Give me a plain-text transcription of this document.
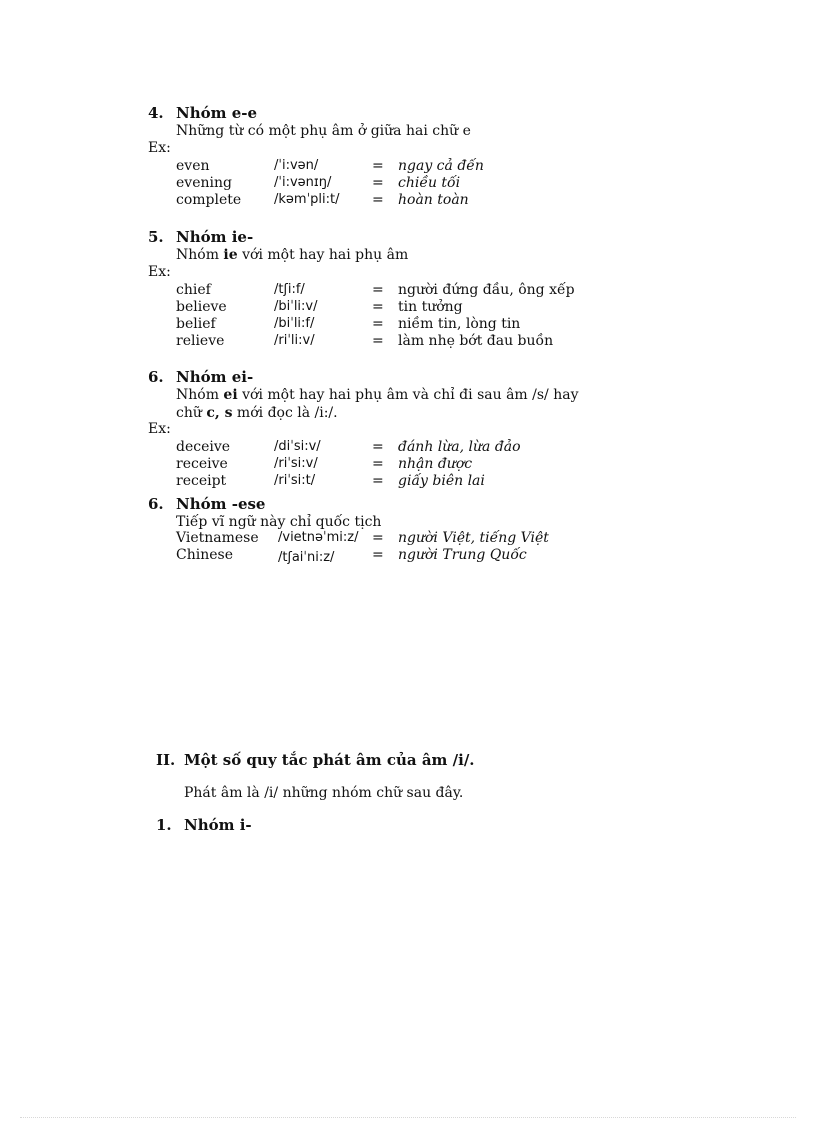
4. Nhóm e-e
Những từ có một phụ âm ở giữa hai chữ e
Ex:
even	/ˈi:vən/	= ngay cả đến
evening	/ˈi:vənɪŋ/	= chiều tối
complete	/kəmˈpli:t/ = hoàn toàn
5. Nhóm ie-
Nhóm ie với một hay hai phụ âm
Ex:
chief	/tʃi:f/	= người đứng đầu, ông xếp
believe	/biˈli:v/	= tin tưởng
belief	/biˈli:f/	= niềm tin, lòng tin
relieve	/riˈli:v/	= làm nhẹ bớt đau buồn
6. Nhóm ei-
Nhóm ei với một hay hai phụ âm và chỉ đi sau âm /s/ hay
chữ c, s mới đọc là /i:/.
Ex:
deceive	/diˈsi:v/	= đánh lừa, lừa đảo
receive	/riˈsi:v/	= nhận được
receipt	/riˈsi:t/	= giấy biên lai
6. Nhóm -ese
Tiếp vĩ ngữ này chỉ quốc tịch
Vietnamese /vietnəˈmi:z/ = người Việt, tiếng Việt
Chinese	/tʃaiˈni:z/	= người Trung Quốc
II. Một số quy tắc phát âm của âm /i/.
Phát âm là /i/ những nhóm chữ sau đây.
1. Nhóm i-
